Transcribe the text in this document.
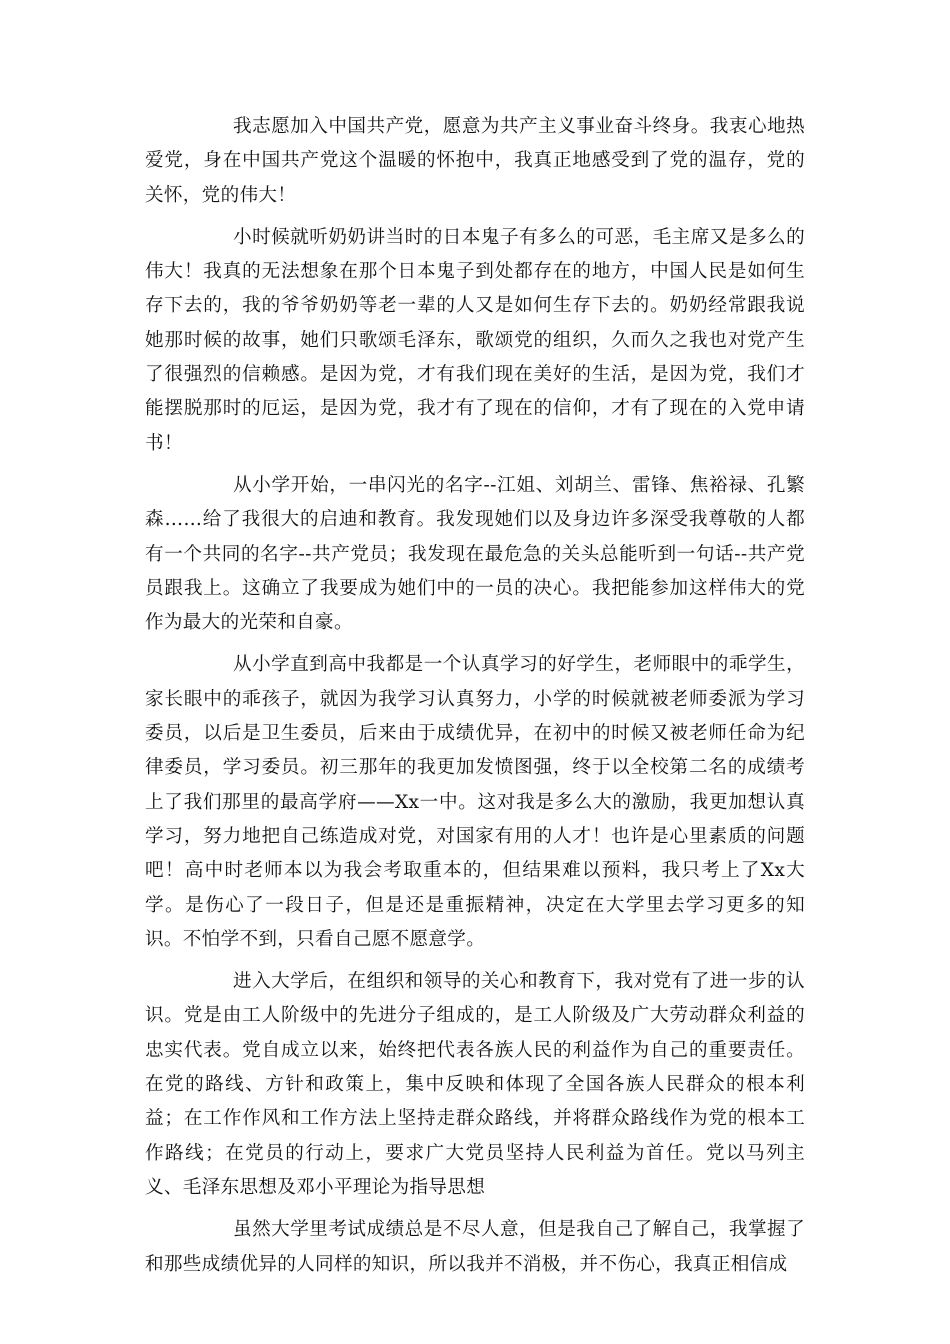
我志愿加入中国共产党，愿意为共产主义事业奋斗终身。我衷心地热爱党，身在中国共产党这个温暖的怀抱中，我真正地感受到了党的温存，党的关怀，党的伟大！

小时候就听奶奶讲当时的日本鬼子有多么的可恶，毛主席又是多么的伟大！我真的无法想象在那个日本鬼子到处都存在的地方，中国人民是如何生存下去的，我的爷爷奶奶等老一辈的人又是如何生存下去的。奶奶经常跟我说她那时候的故事，她们只歌颂毛泽东，歌颂党的组织，久而久之我也对党产生了很强烈的信赖感。是因为党，才有我们现在美好的生活，是因为党，我们才能摆脱那时的厄运，是因为党，我才有了现在的信仰，才有了现在的入党申请书！

从小学开始，一串闪光的名字--江姐、刘胡兰、雷锋、焦裕禄、孔繁森……给了我很大的启迪和教育。我发现她们以及身边许多深受我尊敬的人都有一个共同的名字--共产党员；我发现在最危急的关头总能听到一句话--共产党员跟我上。这确立了我要成为她们中的一员的决心。我把能参加这样伟大的党作为最大的光荣和自豪。

从小学直到高中我都是一个认真学习的好学生，老师眼中的乖学生，家长眼中的乖孩子，就因为我学习认真努力，小学的时候就被老师委派为学习委员，以后是卫生委员，后来由于成绩优异，在初中的时候又被老师任命为纪律委员，学习委员。初三那年的我更加发愤图强，终于以全校第二名的成绩考上了我们那里的最高学府——Xx一中。这对我是多么大的激励，我更加想认真学习，努力地把自己练造成对党，对国家有用的人才！也许是心里素质的问题吧！高中时老师本以为我会考取重本的，但结果难以预料，我只考上了Xx大学。是伤心了一段日子，但是还是重振精神，决定在大学里去学习更多的知识。不怕学不到，只看自己愿不愿意学。

进入大学后，在组织和领导的关心和教育下，我对党有了进一步的认识。党是由工人阶级中的先进分子组成的，是工人阶级及广大劳动群众利益的忠实代表。党自成立以来，始终把代表各族人民的利益作为自己的重要责任。在党的路线、方针和政策上，集中反映和体现了全国各族人民群众的根本利益；在工作作风和工作方法上坚持走群众路线，并将群众路线作为党的根本工作路线；在党员的行动上，要求广大党员坚持人民利益为首任。党以马列主义、毛泽东思想及邓小平理论为指导思想

虽然大学里考试成绩总是不尽人意，但是我自己了解自己，我掌握了和那些成绩优异的人同样的知识，所以我并不消极，并不伤心，我真正相信成
